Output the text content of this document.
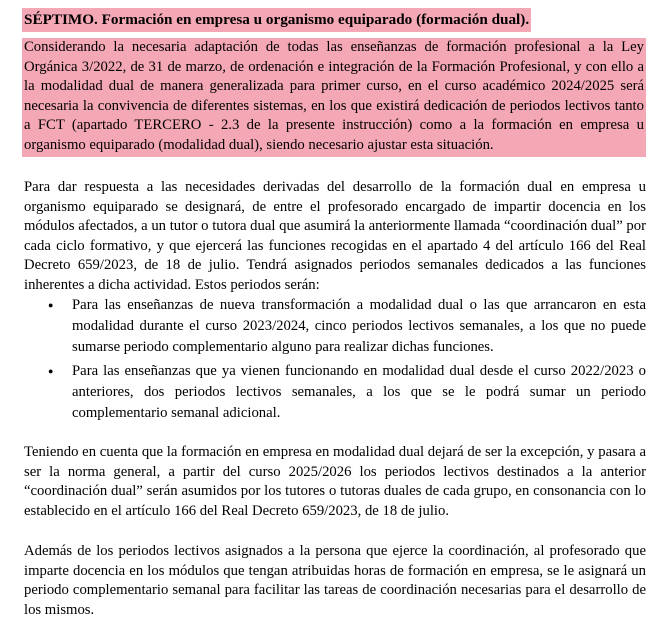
SÉPTIMO. Formación en empresa u organismo equiparado (formación dual).

Considerando la necesaria adaptación de todas las enseñanzas de formación profesional a la Ley Orgánica 3/2022, de 31 de marzo, de ordenación e integración de la Formación Profesional, y con ello a la modalidad dual de manera generalizada para primer curso, en el curso académico 2024/2025 será necesaria la convivencia de diferentes sistemas, en los que existirá dedicación de periodos lectivos tanto a FCT (apartado TERCERO - 2.3 de la presente instrucción) como a la formación en empresa u organismo equiparado (modalidad dual), siendo necesario ajustar esta situación.

Para dar respuesta a las necesidades derivadas del desarrollo de la formación dual en empresa u organismo equiparado se designará, de entre el profesorado encargado de impartir docencia en los módulos afectados, a un tutor o tutora dual que asumirá la anteriormente llamada “coordinación dual” por cada ciclo formativo, y que ejercerá las funciones recogidas en el apartado 4 del artículo 166 del Real Decreto 659/2023, de 18 de julio. Tendrá asignados periodos semanales dedicados a las funciones inherentes a dicha actividad. Estos periodos serán:

● Para las enseñanzas de nueva transformación a modalidad dual o las que arrancaron en esta modalidad durante el curso 2023/2024, cinco periodos lectivos semanales, a los que no puede sumarse periodo complementario alguno para realizar dichas funciones.
● Para las enseñanzas que ya vienen funcionando en modalidad dual desde el curso 2022/2023 o anteriores, dos periodos lectivos semanales, a los que se le podrá sumar un periodo complementario semanal adicional.

Teniendo en cuenta que la formación en empresa en modalidad dual dejará de ser la excepción, y pasara a ser la norma general, a partir del curso 2025/2026 los periodos lectivos destinados a la anterior “coordinación dual” serán asumidos por los tutores o tutoras duales de cada grupo, en consonancia con lo establecido en el artículo 166 del Real Decreto 659/2023, de 18 de julio.

Además de los periodos lectivos asignados a la persona que ejerce la coordinación, al profesorado que imparte docencia en los módulos que tengan atribuidas horas de formación en empresa, se le asignará un periodo complementario semanal para facilitar las tareas de coordinación necesarias para el desarrollo de los mismos.
